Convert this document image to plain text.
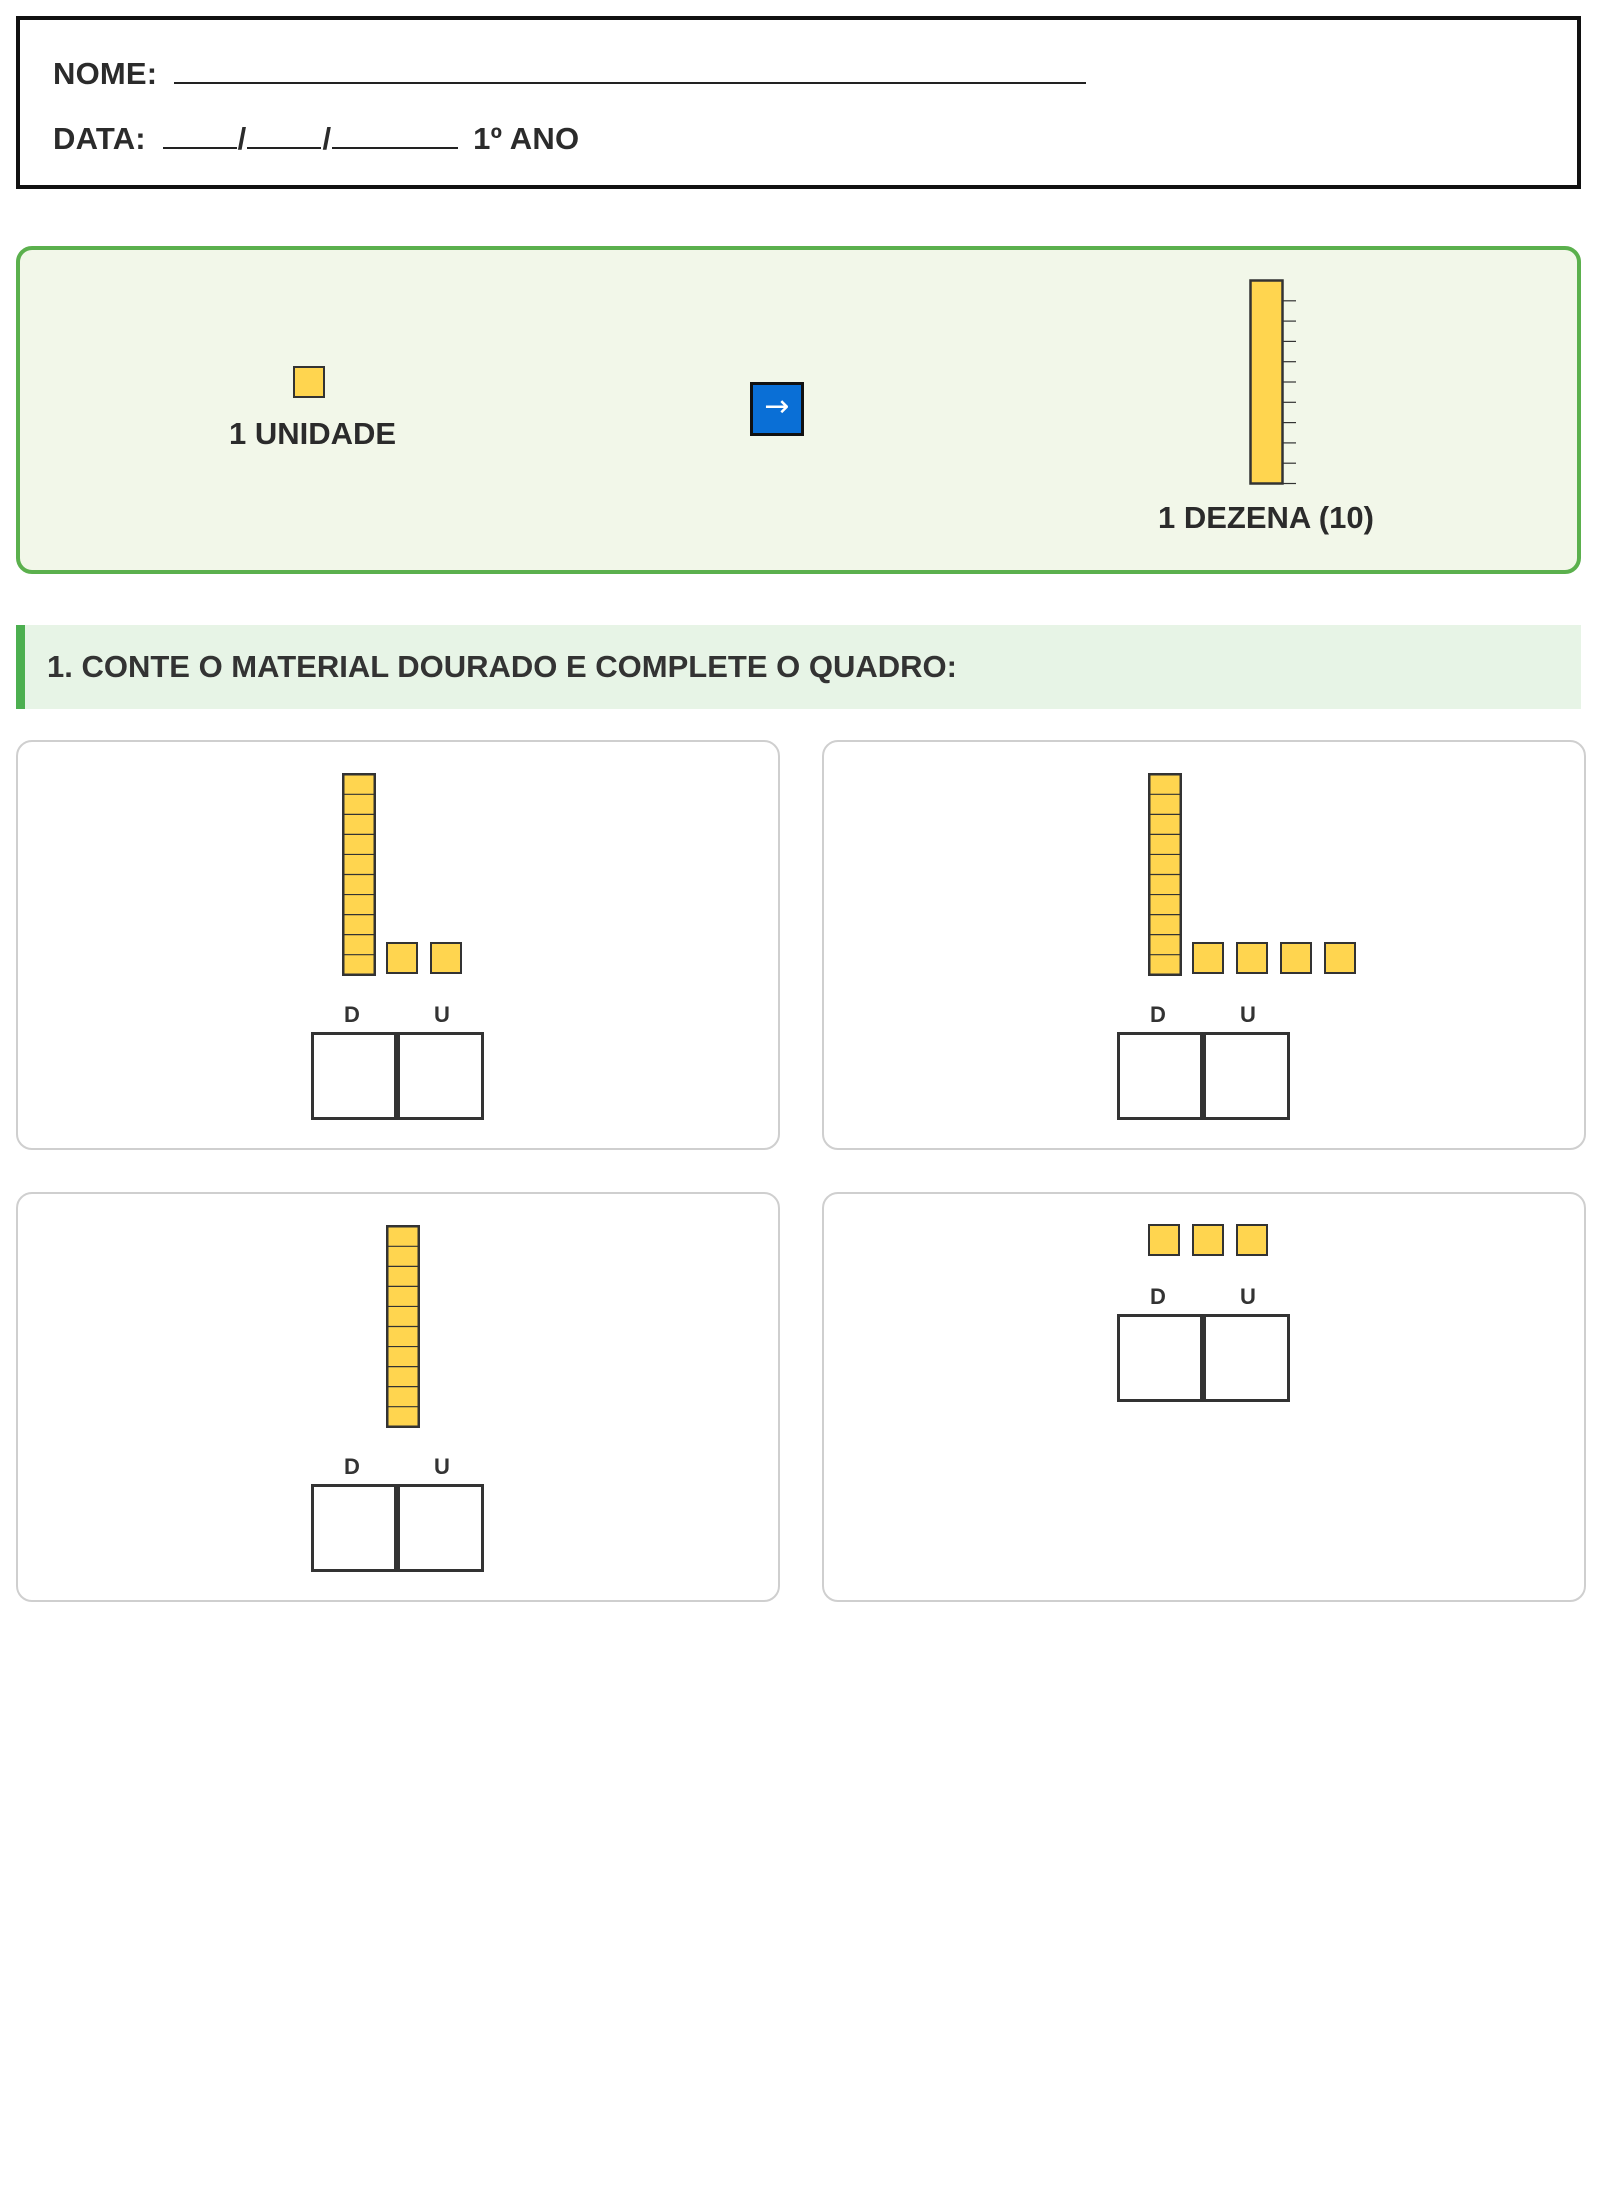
NOME:
DATA:	/ /	1º ANO
1 UNIDADE
→
1 DEZENA (10)
1. CONTE O MATERIAL DOURADO E COMPLETE O QUADRO:
D	U	D	U
D	U
D	U
